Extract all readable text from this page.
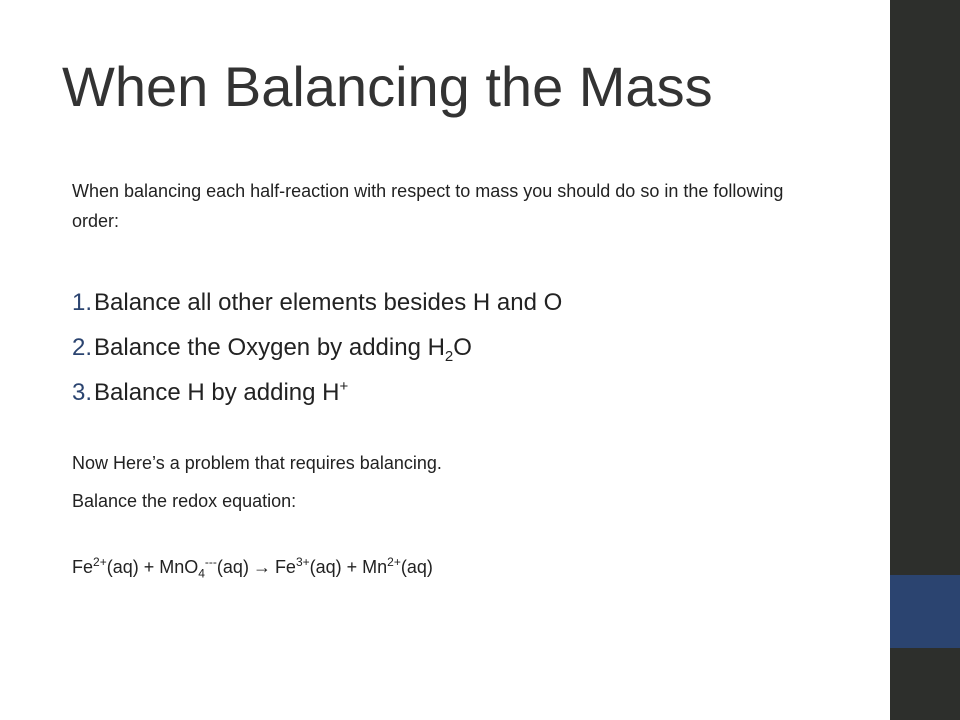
When Balancing the Mass
When balancing each half-reaction with respect to mass you should do so in the following order:
1.Balance all other elements besides H and O
2.Balance the Oxygen by adding $H_2O$
3.Balance H by adding H+
Now Here’s a problem that requires balancing.
Balance the redox equation:
$Fe^{2+}(aq) + MnO_4^{---}(aq) \to Fe^{3+}(aq) + Mn^{2+}(aq)$
